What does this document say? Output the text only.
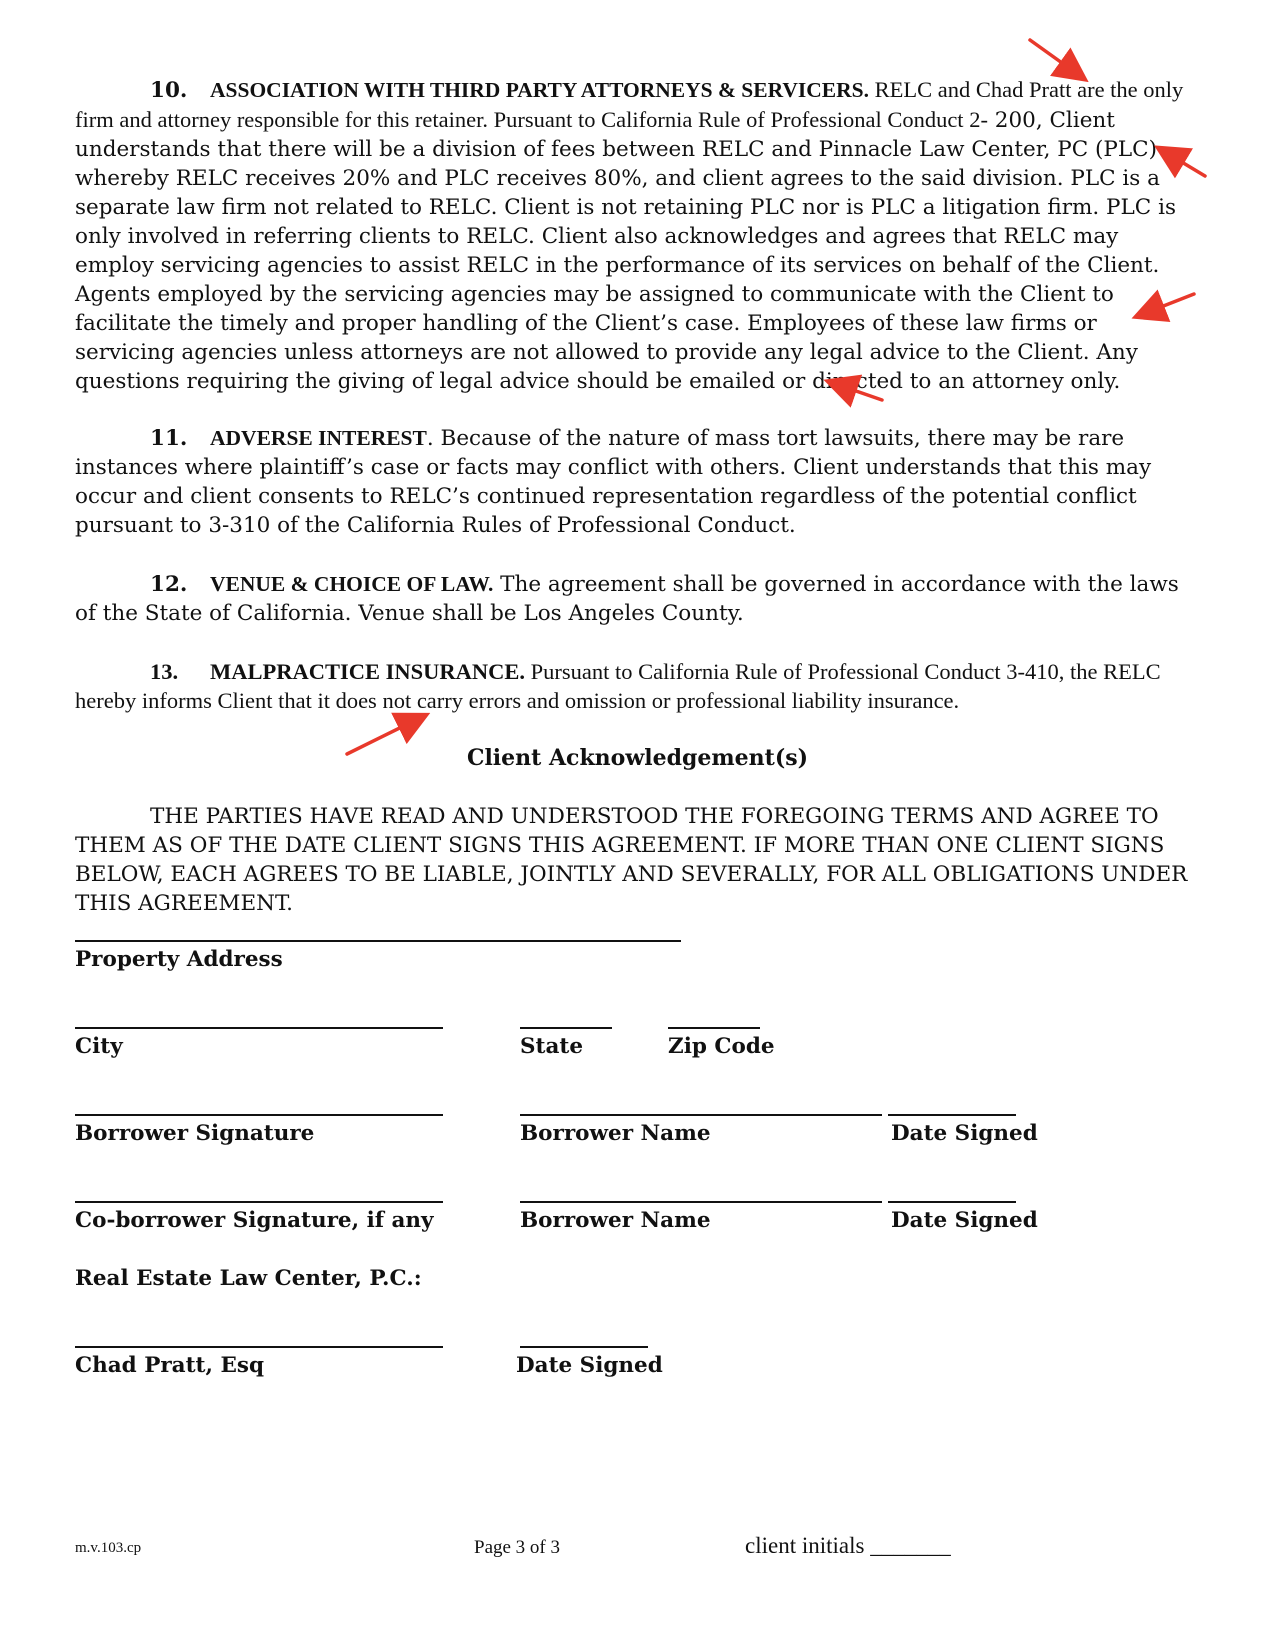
10. ASSOCIATION WITH THIRD PARTY ATTORNEYS & SERVICERS. RELC and Chad Pratt are the only firm and attorney responsible for this retainer. Pursuant to California Rule of Professional Conduct 2- 200, Client understands that there will be a division of fees between RELC and Pinnacle Law Center, PC (PLC) whereby RELC receives 20% and PLC receives 80%, and client agrees to the said division. PLC is a separate law firm not related to RELC. Client is not retaining PLC nor is PLC a litigation firm. PLC is only involved in referring clients to RELC. Client also acknowledges and agrees that RELC may employ servicing agencies to assist RELC in the performance of its services on behalf of the Client. Agents employed by the servicing agencies may be assigned to communicate with the Client to facilitate the timely and proper handling of the Client’s case. Employees of these law firms or servicing agencies unless attorneys are not allowed to provide any legal advice to the Client. Any questions requiring the giving of legal advice should be emailed or directed to an attorney only.
11. ADVERSE INTEREST. Because of the nature of mass tort lawsuits, there may be rare instances where plaintiff’s case or facts may conflict with others. Client understands that this may occur and client consents to RELC’s continued representation regardless of the potential conflict pursuant to 3-310 of the California Rules of Professional Conduct.
12. VENUE & CHOICE OF LAW. The agreement shall be governed in accordance with the laws of the State of California. Venue shall be Los Angeles County.
13. MALPRACTICE INSURANCE. Pursuant to California Rule of Professional Conduct 3-410, the RELC hereby informs Client that it does not carry errors and omission or professional liability insurance.
Client Acknowledgement(s)
THE PARTIES HAVE READ AND UNDERSTOOD THE FOREGOING TERMS AND AGREE TO THEM AS OF THE DATE CLIENT SIGNS THIS AGREEMENT. IF MORE THAN ONE CLIENT SIGNS BELOW, EACH AGREES TO BE LIABLE, JOINTLY AND SEVERALLY, FOR ALL OBLIGATIONS UNDER THIS AGREEMENT.
Property Address
City	State	Zip Code
Borrower Signature	Borrower Name	Date Signed
Co-borrower Signature, if any	Borrower Name	Date Signed
Real Estate Law Center, P.C.:
Chad Pratt, Esq	Date Signed
m.v.103.cp	Page 3 of 3	client initials _______
